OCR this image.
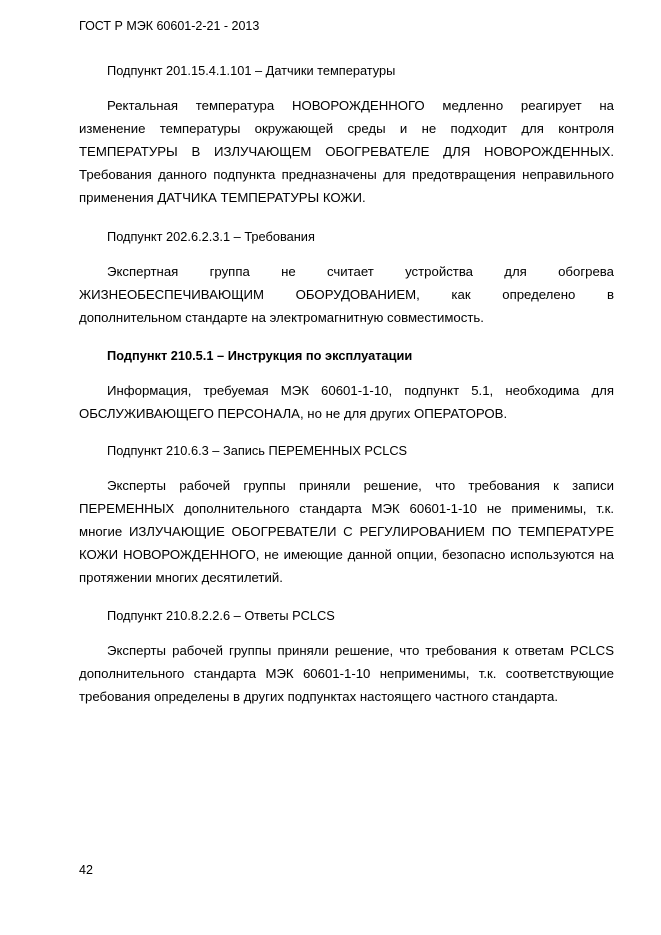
ГОСТ Р МЭК 60601-2-21 - 2013
Подпункт 201.15.4.1.101 – Датчики температуры
Ректальная температура НОВОРОЖДЕННОГО медленно реагирует на
изменение температуры окружающей среды и не подходит для контроля
ТЕМПЕРАТУРЫ В ИЗЛУЧАЮЩЕМ ОБОГРЕВАТЕЛЕ ДЛЯ НОВОРОЖДЕННЫХ.
Требования данного подпункта предназначены для предотвращения неправильного
применения ДАТЧИКА ТЕМПЕРАТУРЫ КОЖИ.
Подпункт 202.6.2.3.1 – Требования
Экспертная группа не считает устройства для обогрева
ЖИЗНЕОБЕСПЕЧИВАЮЩИМ ОБОРУДОВАНИЕМ, как определено в
дополнительном стандарте на электромагнитную совместимость.
Подпункт 210.5.1 – Инструкция по эксплуатации
Информация, требуемая МЭК 60601-1-10, подпункт 5.1, необходима для
ОБСЛУЖИВАЮЩЕГО ПЕРСОНАЛА, но не для других ОПЕРАТОРОВ.
Подпункт 210.6.3 – Запись ПЕРЕМЕННЫХ PCLCS
Эксперты рабочей группы приняли решение, что требования к записи
ПЕРЕМЕННЫХ дополнительного стандарта МЭК 60601-1-10 не применимы, т.к.
многие ИЗЛУЧАЮЩИЕ ОБОГРЕВАТЕЛИ С РЕГУЛИРОВАНИЕМ ПО ТЕМПЕРАТУРЕ
КОЖИ НОВОРОЖДЕННОГО, не имеющие данной опции, безопасно используются на
протяжении многих десятилетий.
Подпункт 210.8.2.2.6 – Ответы PCLCS
Эксперты рабочей группы приняли решение, что требования к ответам PCLCS
дополнительного стандарта МЭК 60601-1-10 неприменимы, т.к. соответствующие
требования определены в других подпунктах настоящего частного стандарта.
42
